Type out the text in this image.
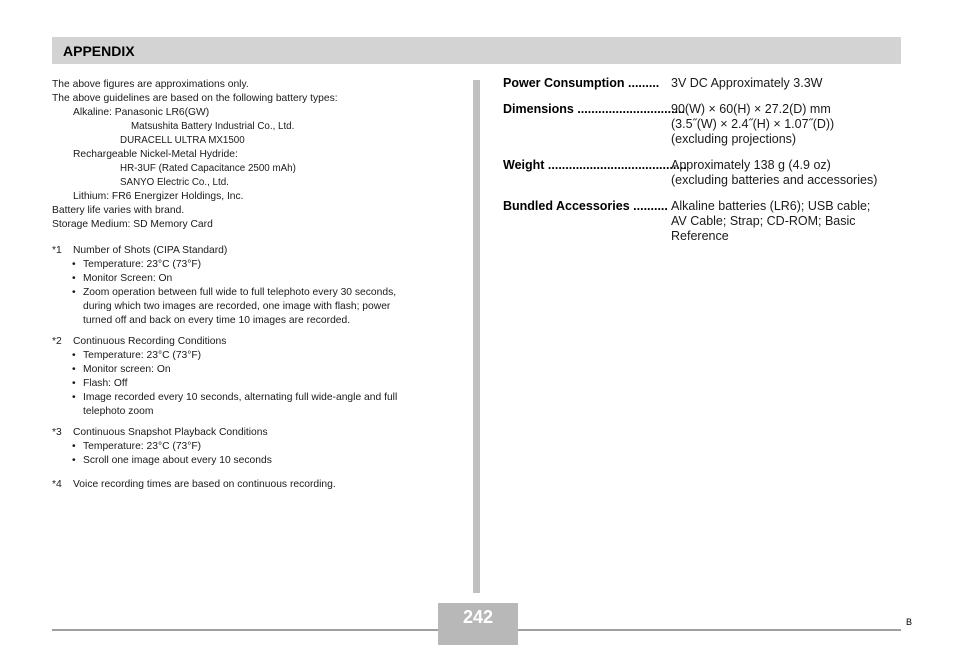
APPENDIX
The above figures are approximations only.
The above guidelines are based on the following battery types:
Alkaline: Panasonic LR6(GW)
Matsushita Battery Industrial Co., Ltd.
DURACELL ULTRA MX1500
Rechargeable Nickel-Metal Hydride:
HR-3UF (Rated Capacitance 2500 mAh)
SANYO Electric Co., Ltd.
Lithium: FR6 Energizer Holdings, Inc.
Battery life varies with brand.
Storage Medium: SD Memory Card
*1 Number of Shots (CIPA Standard)
• Temperature: 23°C (73°F)
• Monitor Screen: On
• Zoom operation between full wide to full telephoto every 30 seconds,
during which two images are recorded, one image with flash; power
turned off and back on every time 10 images are recorded.
*2 Continuous Recording Conditions
• Temperature: 23°C (73°F)
• Monitor screen: On
• Flash: Off
• Image recorded every 10 seconds, alternating full wide-angle and full
telephoto zoom
*3 Continuous Snapshot Playback Conditions
• Temperature: 23°C (73°F)
• Scroll one image about every 10 seconds
*4 Voice recording times are based on continuous recording.
Power Consumption ......... 3V DC Approximately 3.3W
Dimensions ...............................
90(W) × 60(H) × 27.2(D) mm
(3.5˝(W) × 2.4˝(H) × 1.07˝(D))
(excluding projections)
Weight ........................................
Approximately 138 g (4.9 oz)
(excluding batteries and accessories)
Bundled Accessories .......... Alkaline batteries (LR6); USB cable;
AV Cable; Strap; CD-ROM; Basic
Reference
242	B
